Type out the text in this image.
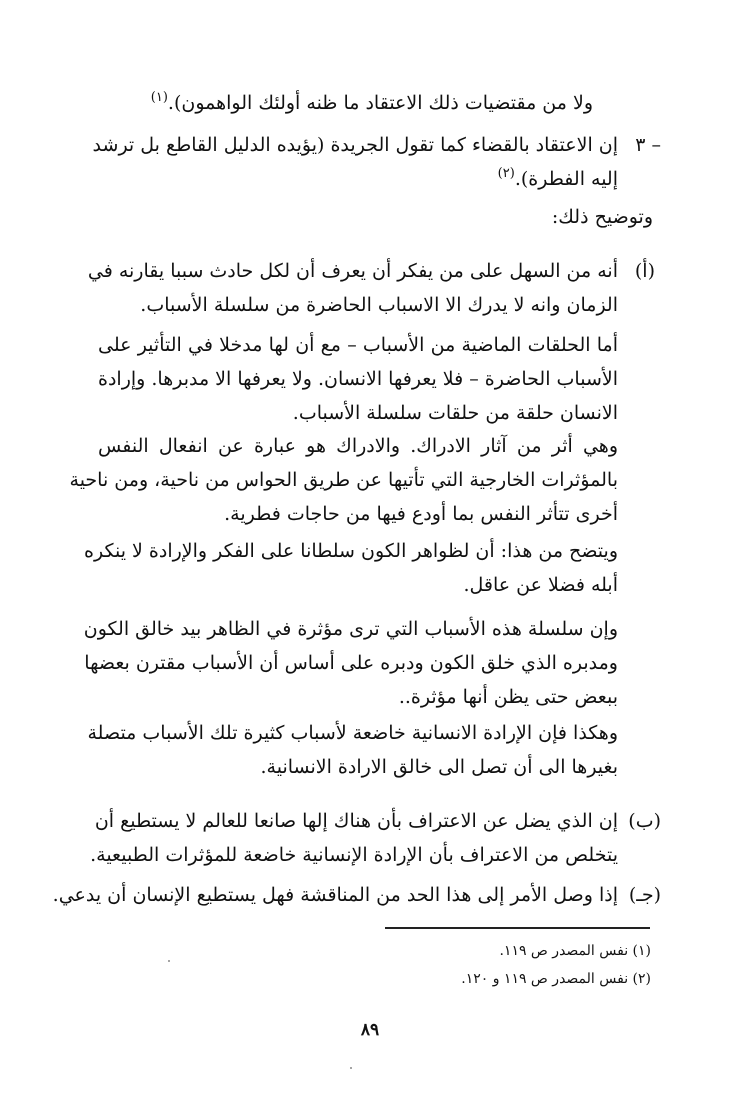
ولا من مقتضيات ذلك الاعتقاد ما ظنه أولئك الواهمون).$^{(١)}$

٣ –

إن الاعتقاد بالقضاء كما تقول الجريدة (يؤيده الدليل القاطع بل ترشد

إليه الفطرة).$^{(٢)}$

وتوضيح ذلك:

(أ)

أنه من السهل على من يفكر أن يعرف أن لكل حادث سببا يقارنه في

الزمان وانه لا يدرك الا الاسباب الحاضرة من سلسلة الأسباب.

أما الحلقات الماضية من الأسباب – مع أن لها مدخلا في التأثير على

الأسباب الحاضرة – فلا يعرفها الانسان. ولا يعرفها الا مدبرها. وإرادة

الانسان حلقة من حلقات سلسلة الأسباب.

وهي أثر من آثار الادراك. والادراك هو عبارة عن انفعال النفس

بالمؤثرات الخارجية التي تأتيها عن طريق الحواس من ناحية، ومن ناحية

أخرى تتأثر النفس بما أودع فيها من حاجات فطرية.

ويتضح من هذا: أن لظواهر الكون سلطانا على الفكر والإرادة لا ينكره

أبله فضلا عن عاقل.

وإن سلسلة هذه الأسباب التي ترى مؤثرة في الظاهر بيد خالق الكون

ومدبره الذي خلق الكون ودبره على أساس أن الأسباب مقترن بعضها

ببعض حتى يظن أنها مؤثرة..

وهكذا فإن الإرادة الانسانية خاضعة لأسباب كثيرة تلك الأسباب متصلة

بغيرها الى أن تصل الى خالق الارادة الانسانية.

(ب)

إن الذي يضل عن الاعتراف بأن هناك إلها صانعا للعالم لا يستطيع أن

يتخلص من الاعتراف بأن الإرادة الإنسانية خاضعة للمؤثرات الطبيعية.

(جـ)

إذا وصل الأمر إلى هذا الحد من المناقشة فهل يستطيع الإنسان أن يدعي.

(١) نفس المصدر ص ١١٩.

(٢) نفس المصدر ص ١١٩ و ١٢٠.

٨٩
